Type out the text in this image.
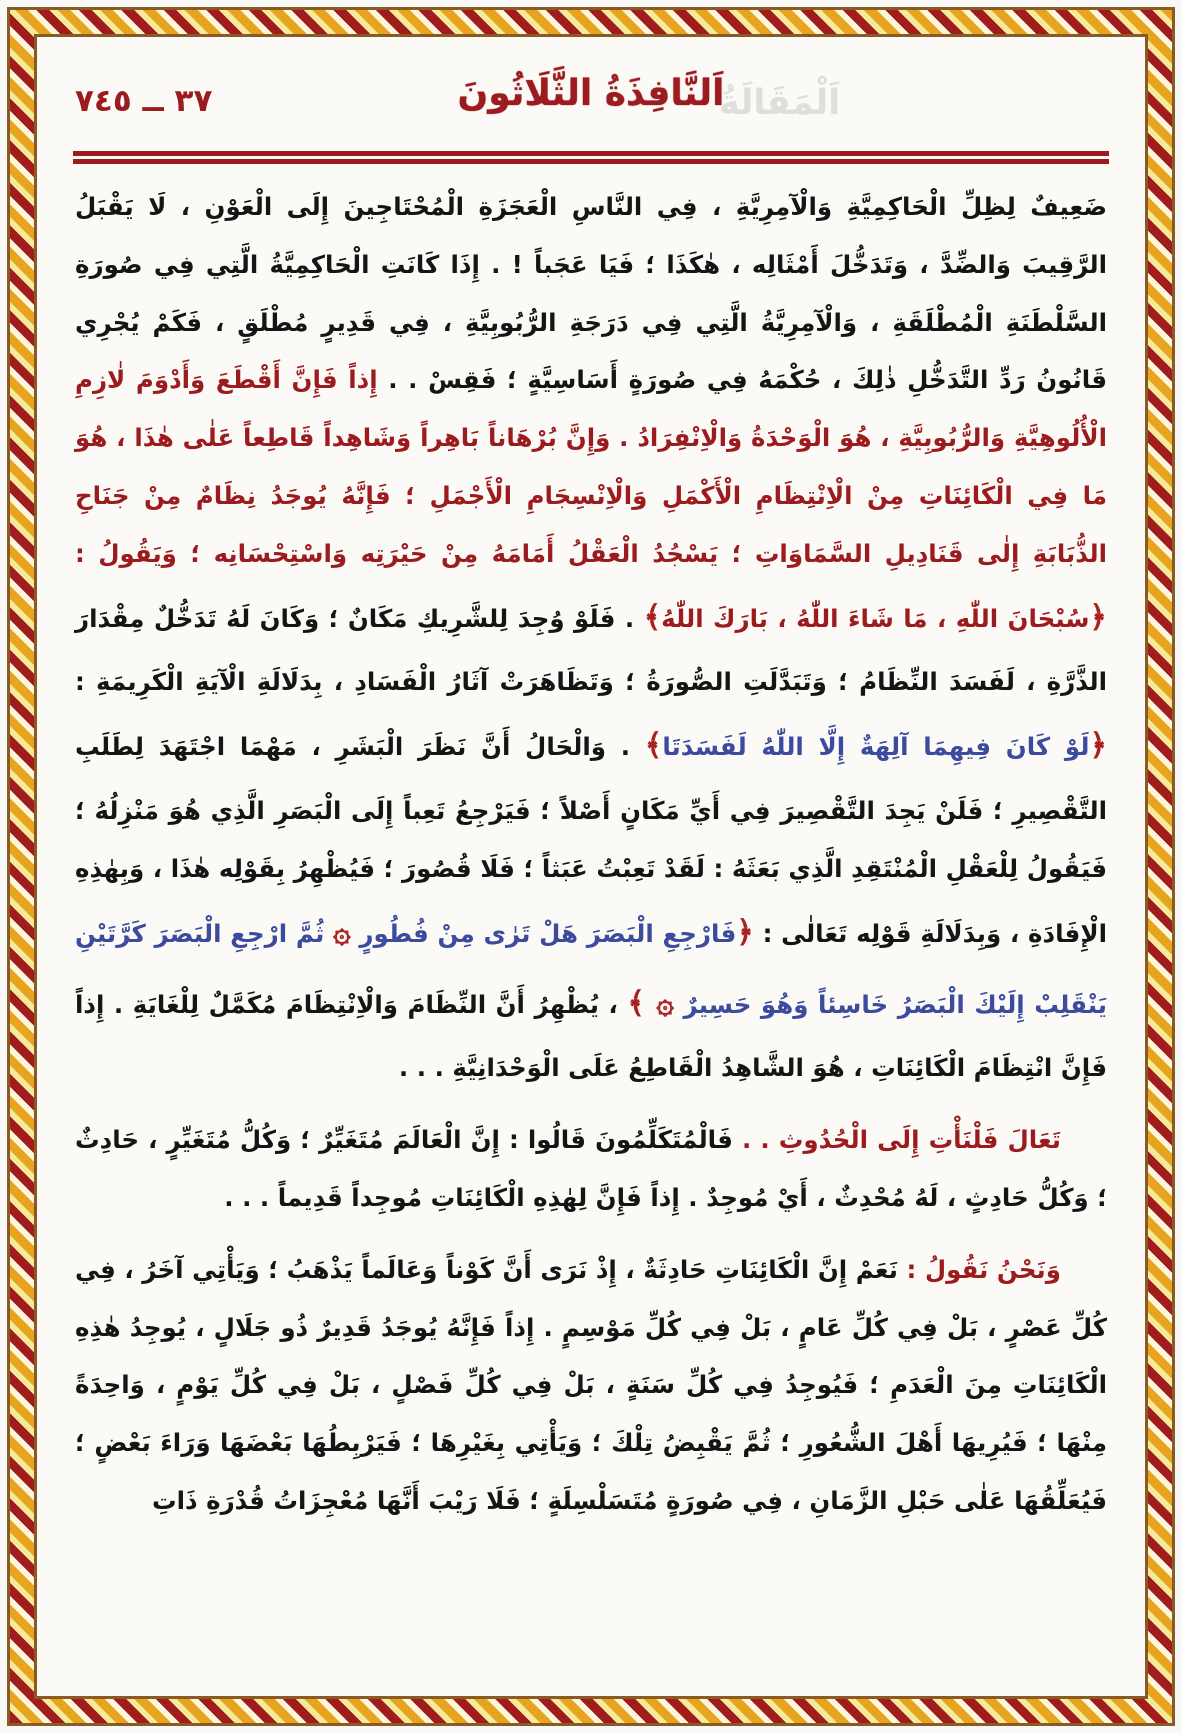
٣٧ ــ ٧٤٥	اَلْمَقَالَةُ
اَلنَّافِذَةُ الثَّلَاثُونَ

ضَعِيفٌ لِظِلِّ الْحَاكِمِيَّةِ وَالْآمِرِيَّةِ ، فِي النَّاسِ الْعَجَزَةِ الْمُحْتَاجِينَ إِلَى الْعَوْنِ ، لَا يَقْبَلُ الرَّقِيبَ وَالضِّدَّ ، وَتَدَخُّلَ أَمْثَالِه ، هٰكَذَا ؛ فَيَا عَجَباً ! . إِذَا كَانَتِ الْحَاكِمِيَّةُ الَّتِي فِي صُورَةِ السَّلْطَنَةِ الْمُطْلَقَةِ ، وَالْآمِرِيَّةُ الَّتِي فِي دَرَجَةِ الرُّبُوبِيَّةِ ، فِي قَدِيرٍ مُطْلَقٍ ، فَكَمْ يُجْرِي قَانُونُ رَدِّ التَّدَخُّلِ ذٰلِكَ ، حُكْمَهُ فِي صُورَةٍ أَسَاسِيَّةٍ ؛ فَقِسْ . . إِذاً فَإِنَّ أَقْطَعَ وَأَدْوَمَ لٰازِمِ الْأُلُوهِيَّةِ وَالرُّبُوبِيَّةِ ، هُوَ الْوَحْدَةُ وَالْاِنْفِرَادُ . وَإِنَّ بُرْهَاناً بَاهِراً وَشَاهِداً قَاطِعاً عَلٰى هٰذَا ، هُوَ مَا فِي الْكَائِنَاتِ مِنْ الْاِنْتِظَامِ الْأَكْمَلِ وَالْاِنْسِجَامِ الْأَجْمَلِ ؛ فَإِنَّهُ يُوجَدُ نِظَامٌ مِنْ جَنَاحِ الذُّبَابَةِ إِلٰى قَنَادِيلِ السَّمَاوَاتِ ؛ يَسْجُدُ الْعَقْلُ أَمَامَهُ مِنْ حَيْرَتِه وَاسْتِحْسَانِه ؛ وَيَقُولُ : ﴿سُبْحَانَ اللّٰهِ ، مَا شَاءَ اللّٰهُ ، بَارَكَ اللّٰهُ﴾ . فَلَوْ وُجِدَ لِلشَّرِيكِ مَكَانٌ ؛ وَكَانَ لَهُ تَدَخُّلٌ مِقْدَارَ الذَّرَّةِ ، لَفَسَدَ النِّظَامُ ؛ وَتَبَدَّلَتِ الصُّورَةُ ؛ وَتَظَاهَرَتْ آثَارُ الْفَسَادِ ، بِدَلَالَةِ الْآيَةِ الْكَرِيمَةِ : ﴿لَوْ كَانَ فِيهِمَا آلِهَةٌ إِلَّا اللّٰهُ لَفَسَدَتَا﴾ . وَالْحَالُ أَنَّ نَظَرَ الْبَشَرِ ، مَهْمَا اجْتَهَدَ لِطَلَبِ التَّقْصِيرِ ؛ فَلَنْ يَجِدَ التَّقْصِيرَ فِي أَيِّ مَكَانٍ أَصْلاً ؛ فَيَرْجِعُ تَعِباً إِلَى الْبَصَرِ الَّذِي هُوَ مَنْزِلُهُ ؛ فَيَقُولُ لِلْعَقْلِ الْمُنْتَقِدِ الَّذِي بَعَثَهُ : لَقَدْ تَعِبْتُ عَبَثاً ؛ فَلَا قُصُورَ ؛ فَيُظْهِرُ بِقَوْلِه هٰذَا ، وَبِهٰذِهِ الْإِفَادَةِ ، وَبِدَلَالَةِ قَوْلِه تَعَالٰى : ﴿فَارْجِعِ الْبَصَرَ هَلْ تَرٰى مِنْ فُطُورٍ ۞ ثُمَّ ارْجِعِ الْبَصَرَ كَرَّتَيْنِ يَنْقَلِبْ إِلَيْكَ الْبَصَرُ خَاسِئاً وَهُوَ حَسِيرٌ ۞ ﴾ ، يُظْهِرُ أَنَّ النِّظَامَ وَالْاِنْتِظَامَ مُكَمَّلٌ لِلْغَايَةِ . إِذاً فَإِنَّ انْتِظَامَ الْكَائِنَاتِ ، هُوَ الشَّاهِدُ الْقَاطِعُ عَلَى الْوَحْدَانِيَّةِ . . .

تَعَالَ فَلْنَأْتِ إِلَى الْحُدُوثِ . . فَالْمُتَكَلِّمُونَ قَالُوا : إِنَّ الْعَالَمَ مُتَغَيِّرٌ ؛ وَكُلُّ مُتَغَيِّرٍ ، حَادِثٌ ؛ وَكُلُّ حَادِثٍ ، لَهُ مُحْدِثٌ ، أَيْ مُوجِدٌ . إِذاً فَإِنَّ لِهٰذِهِ الْكَائِنَاتِ مُوجِداً قَدِيماً . . .

وَنَحْنُ نَقُولُ : نَعَمْ إِنَّ الْكَائِنَاتِ حَادِثَةٌ ، إِذْ نَرَى أَنَّ كَوْناً وَعَالَماً يَذْهَبُ ؛ وَيَأْتِي آخَرُ ، فِي كُلِّ عَصْرٍ ، بَلْ فِي كُلِّ عَامٍ ، بَلْ فِي كُلِّ مَوْسِمٍ . إِذاً فَإِنَّهُ يُوجَدُ قَدِيرٌ ذُو جَلَالٍ ، يُوجِدُ هٰذِهِ الْكَائِنَاتِ مِنَ الْعَدَمِ ؛ فَيُوجِدُ فِي كُلِّ سَنَةٍ ، بَلْ فِي كُلِّ فَصْلٍ ، بَلْ فِي كُلِّ يَوْمٍ ، وَاحِدَةً مِنْهَا ؛ فَيُرِيهَا أَهْلَ الشُّعُورِ ؛ ثُمَّ يَقْبِضُ تِلْكَ ؛ وَيَأْتِي بِغَيْرِهَا ؛ فَيَرْبِطُهَا بَعْضَهَا وَرَاءَ بَعْضٍ ؛ فَيُعَلِّقُهَا عَلٰى حَبْلِ الزَّمَانِ ، فِي صُورَةٍ مُتَسَلْسِلَةٍ ؛ فَلَا رَيْبَ أَنَّهَا مُعْجِزَاتُ قُدْرَةِ ذَاتِ
